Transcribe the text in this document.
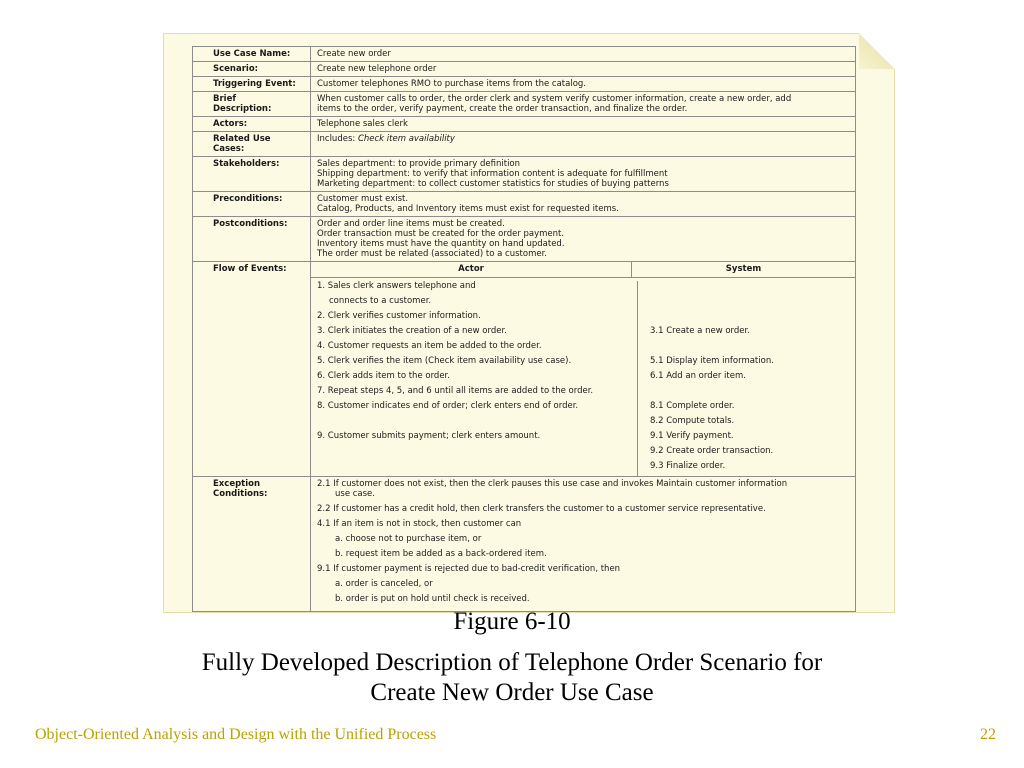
Use Case Name:	Create new order
Scenario:	Create new telephone order
Triggering Event:	Customer telephones RMO to purchase items from the catalog.

Brief
Description:

When customer calls to order, the order clerk and system verify customer information, create a new order, add
items to the order, verify payment, create the order transaction, and finalize the order.

Actors:	Telephone sales clerk

Related Use
Cases:
	Includes: Check item availability
Stakeholders:	Sales department: to provide primary definition
Shipping department: to verify that information content is adequate for fulfillment
Marketing department: to collect customer statistics for studies of buying patterns

Preconditions:	Customer must exist.
Catalog, Products, and Inventory items must exist for requested items.

Postconditions:	Order and order line items must be created.
Order transaction must be created for the order payment.
Inventory items must have the quantity on hand updated.
The order must be related (associated) to a customer.

Flow of Events:		Actor	System

1. Sales clerk answers telephone and	
connects to a customer.	
2. Clerk verifies customer information.	
3. Clerk initiates the creation of a new order.	3.1 Create a new order.
4. Customer requests an item be added to the order.	
5. Clerk verifies the item (Check item availability use case).	5.1 Display item information.
6. Clerk adds item to the order.	6.1 Add an order item.
7. Repeat steps 4, 5, and 6 until all items are added to the order.	
8. Customer indicates end of order; clerk enters end of order.	8.1 Complete order.
	8.2 Compute totals.
9. Customer submits payment; clerk enters amount.	9.1 Verify payment.
	9.2 Create order transaction.
	9.3 Finalize order.

Exception
Conditions:

2.1 If customer does not exist, then the clerk pauses this use case and invokes Maintain customer information
use case.
2.2 If customer has a credit hold, then clerk transfers the customer to a customer service representative.
4.1 If an item is not in stock, then customer can
a. choose not to purchase item, or
b. request item be added as a back-ordered item.
9.1 If customer payment is rejected due to bad-credit verification, then
a. order is canceled, or
b. order is put on hold until check is received.
Figure 6-10
Fully Developed Description of Telephone Order Scenario for
Create New Order Use Case
Object-Oriented Analysis and Design with the Unified Process	22
